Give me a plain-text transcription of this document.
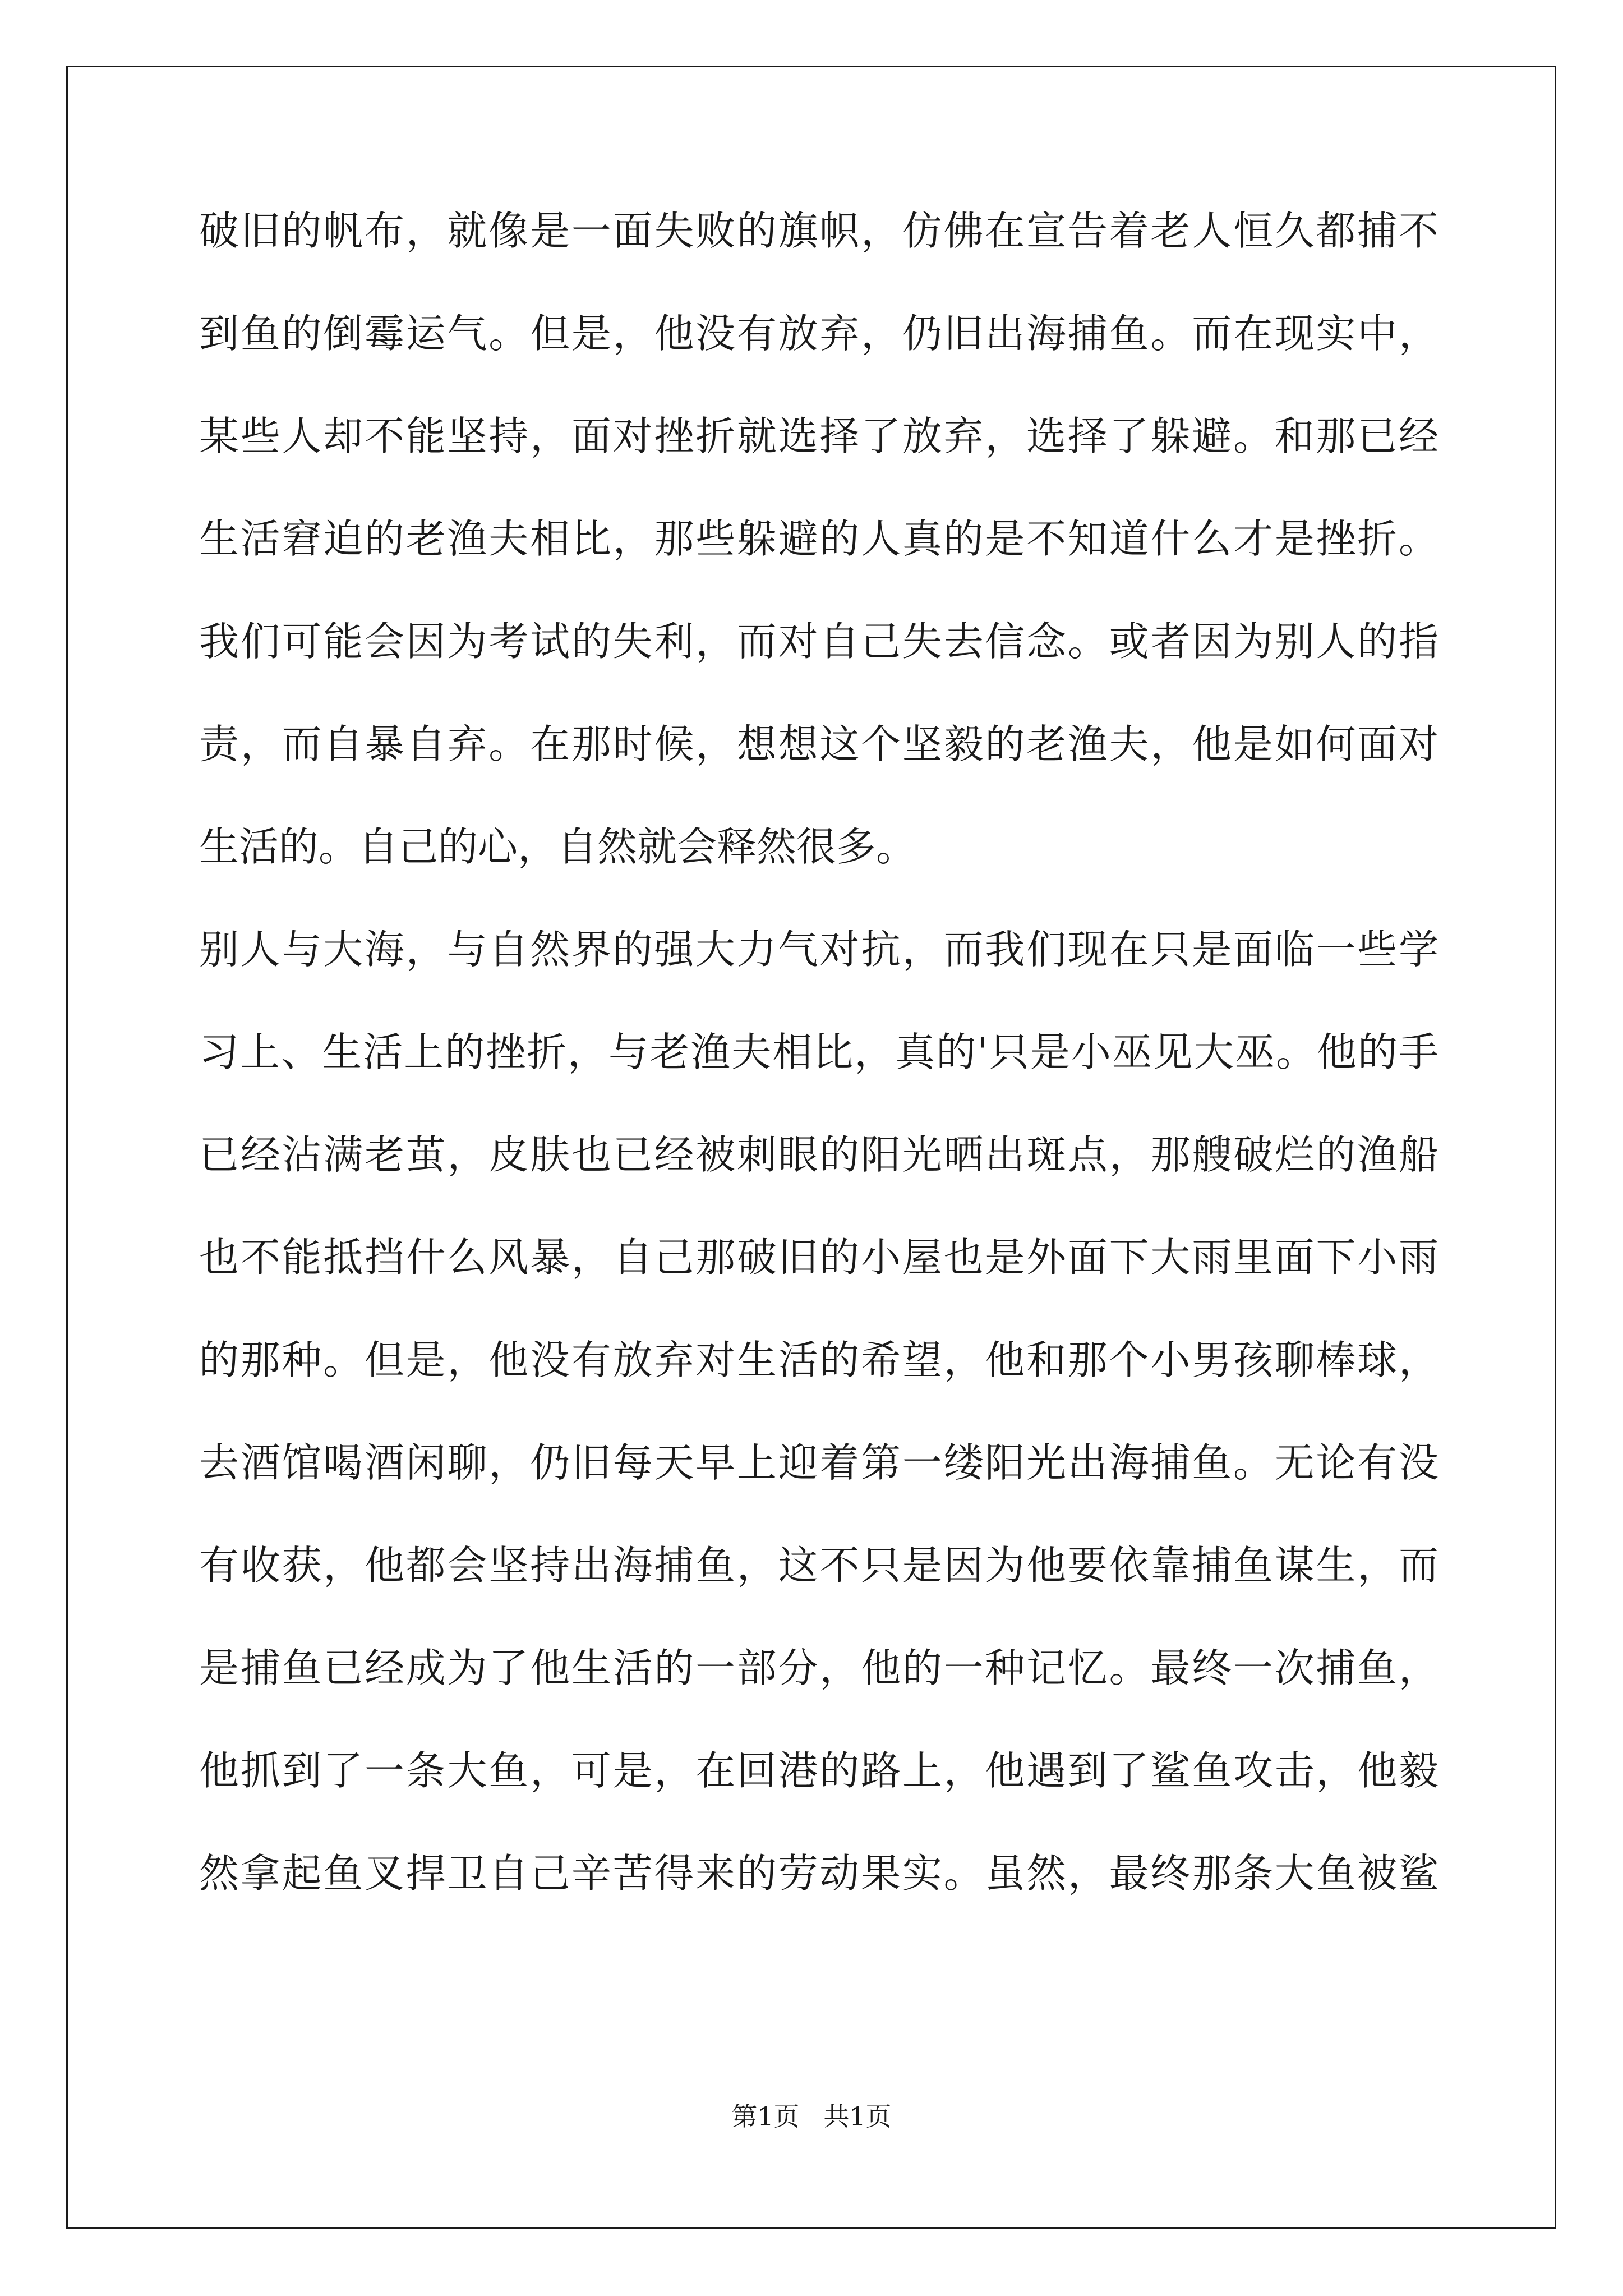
破旧的帆布，就像是一面失败的旗帜，仿佛在宣告着老人恒久都捕不
到鱼的倒霉运气。但是，他没有放弃，仍旧出海捕鱼。而在现实中，
某些人却不能坚持，面对挫折就选择了放弃，选择了躲避。和那已经
生活窘迫的老渔夫相比，那些躲避的人真的是不知道什么才是挫折。
我们可能会因为考试的失利，而对自己失去信念。或者因为别人的指
责，而自暴自弃。在那时候，想想这个坚毅的老渔夫，他是如何面对
生活的。自己的心，自然就会释然很多。
别人与大海，与自然界的强大力气对抗，而我们现在只是面临一些学
习上、生活上的挫折，与老渔夫相比，真的'只是小巫见大巫。他的手
已经沾满老茧，皮肤也已经被刺眼的阳光晒出斑点，那艘破烂的渔船
也不能抵挡什么风暴，自己那破旧的小屋也是外面下大雨里面下小雨
的那种。但是，他没有放弃对生活的希望，他和那个小男孩聊棒球，
去酒馆喝酒闲聊，仍旧每天早上迎着第一缕阳光出海捕鱼。无论有没
有收获，他都会坚持出海捕鱼，这不只是因为他要依靠捕鱼谋生，而
是捕鱼已经成为了他生活的一部分，他的一种记忆。最终一次捕鱼，
他抓到了一条大鱼，可是，在回港的路上，他遇到了鲨鱼攻击，他毅
然拿起鱼叉捍卫自己辛苦得来的劳动果实。虽然，最终那条大鱼被鲨
第1页 共1页
